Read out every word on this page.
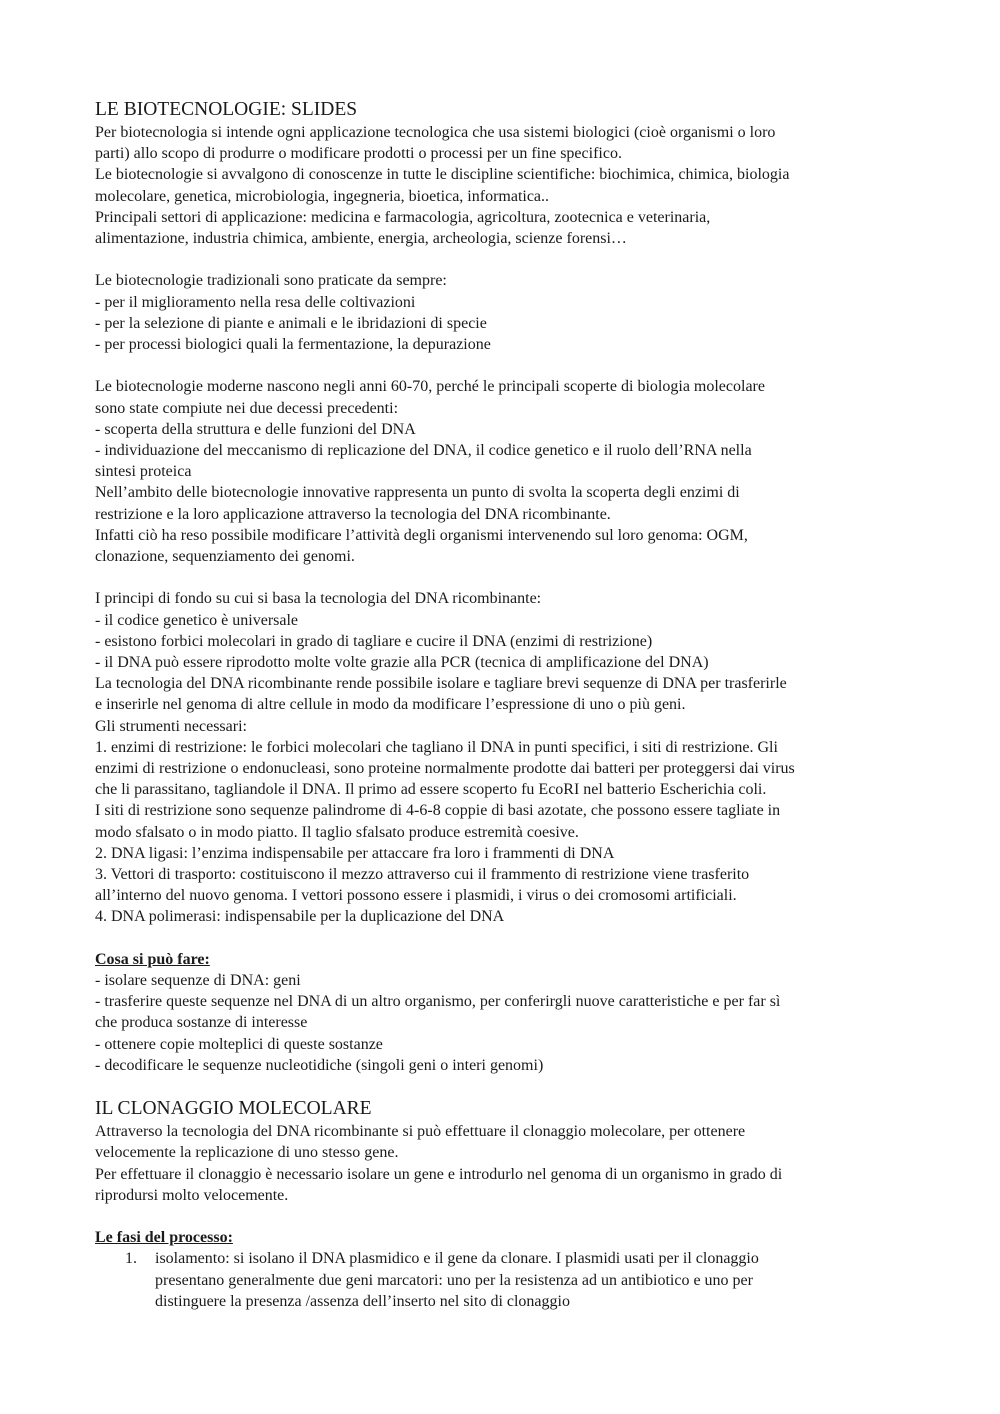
LE BIOTECNOLOGIE: SLIDES
Per biotecnologia si intende ogni applicazione tecnologica che usa sistemi biologici (cioè organismi o loro
parti) allo scopo di produrre o modificare prodotti o processi per un fine specifico.
Le biotecnologie si avvalgono di conoscenze in tutte le discipline scientifiche: biochimica, chimica, biologia
molecolare, genetica, microbiologia, ingegneria, bioetica, informatica..
Principali settori di applicazione: medicina e farmacologia, agricoltura, zootecnica e veterinaria,
alimentazione, industria chimica, ambiente, energia, archeologia, scienze forensi…
Le biotecnologie tradizionali sono praticate da sempre:
- per il miglioramento nella resa delle coltivazioni
- per la selezione di piante e animali e le ibridazioni di specie
- per processi biologici quali la fermentazione, la depurazione
Le biotecnologie moderne nascono negli anni 60-70, perché le principali scoperte di biologia molecolare
sono state compiute nei due decessi precedenti:
- scoperta della struttura e delle funzioni del DNA
- individuazione del meccanismo di replicazione del DNA, il codice genetico e il ruolo dell’RNA nella
sintesi proteica
Nell’ambito delle biotecnologie innovative rappresenta un punto di svolta la scoperta degli enzimi di
restrizione e la loro applicazione attraverso la tecnologia del DNA ricombinante.
Infatti ciò ha reso possibile modificare l’attività degli organismi intervenendo sul loro genoma: OGM,
clonazione, sequenziamento dei genomi.
I principi di fondo su cui si basa la tecnologia del DNA ricombinante:
- il codice genetico è universale
- esistono forbici molecolari in grado di tagliare e cucire il DNA (enzimi di restrizione)
- il DNA può essere riprodotto molte volte grazie alla PCR (tecnica di amplificazione del DNA)
La tecnologia del DNA ricombinante rende possibile isolare e tagliare brevi sequenze di DNA per trasferirle
e inserirle nel genoma di altre cellule in modo da modificare l’espressione di uno o più geni.
Gli strumenti necessari:
1. enzimi di restrizione: le forbici molecolari che tagliano il DNA in punti specifici, i siti di restrizione. Gli
enzimi di restrizione o endonucleasi, sono proteine normalmente prodotte dai batteri per proteggersi dai virus
che li parassitano, tagliandole il DNA. Il primo ad essere scoperto fu EcoRI nel batterio Escherichia coli.
I siti di restrizione sono sequenze palindrome di 4-6-8 coppie di basi azotate, che possono essere tagliate in
modo sfalsato o in modo piatto. Il taglio sfalsato produce estremità coesive.
2. DNA ligasi: l’enzima indispensabile per attaccare fra loro i frammenti di DNA
3. Vettori di trasporto: costituiscono il mezzo attraverso cui il frammento di restrizione viene trasferito
all’interno del nuovo genoma. I vettori possono essere i plasmidi, i virus o dei cromosomi artificiali.
4. DNA polimerasi: indispensabile per la duplicazione del DNA
Cosa si può fare:
- isolare sequenze di DNA: geni
- trasferire queste sequenze nel DNA di un altro organismo, per conferirgli nuove caratteristiche e per far sì
che produca sostanze di interesse
- ottenere copie molteplici di queste sostanze
- decodificare le sequenze nucleotidiche (singoli geni o interi genomi)
IL CLONAGGIO MOLECOLARE
Attraverso la tecnologia del DNA ricombinante si può effettuare il clonaggio molecolare, per ottenere
velocemente la replicazione di uno stesso gene.
Per effettuare il clonaggio è necessario isolare un gene e introdurlo nel genoma di un organismo in grado di
riprodursi molto velocemente.
Le fasi del processo:
1. isolamento: si isolano il DNA plasmidico e il gene da clonare. I plasmidi usati per il clonaggio
presentano generalmente due geni marcatori: uno per la resistenza ad un antibiotico e uno per
distinguere la presenza /assenza dell’inserto nel sito di clonaggio
